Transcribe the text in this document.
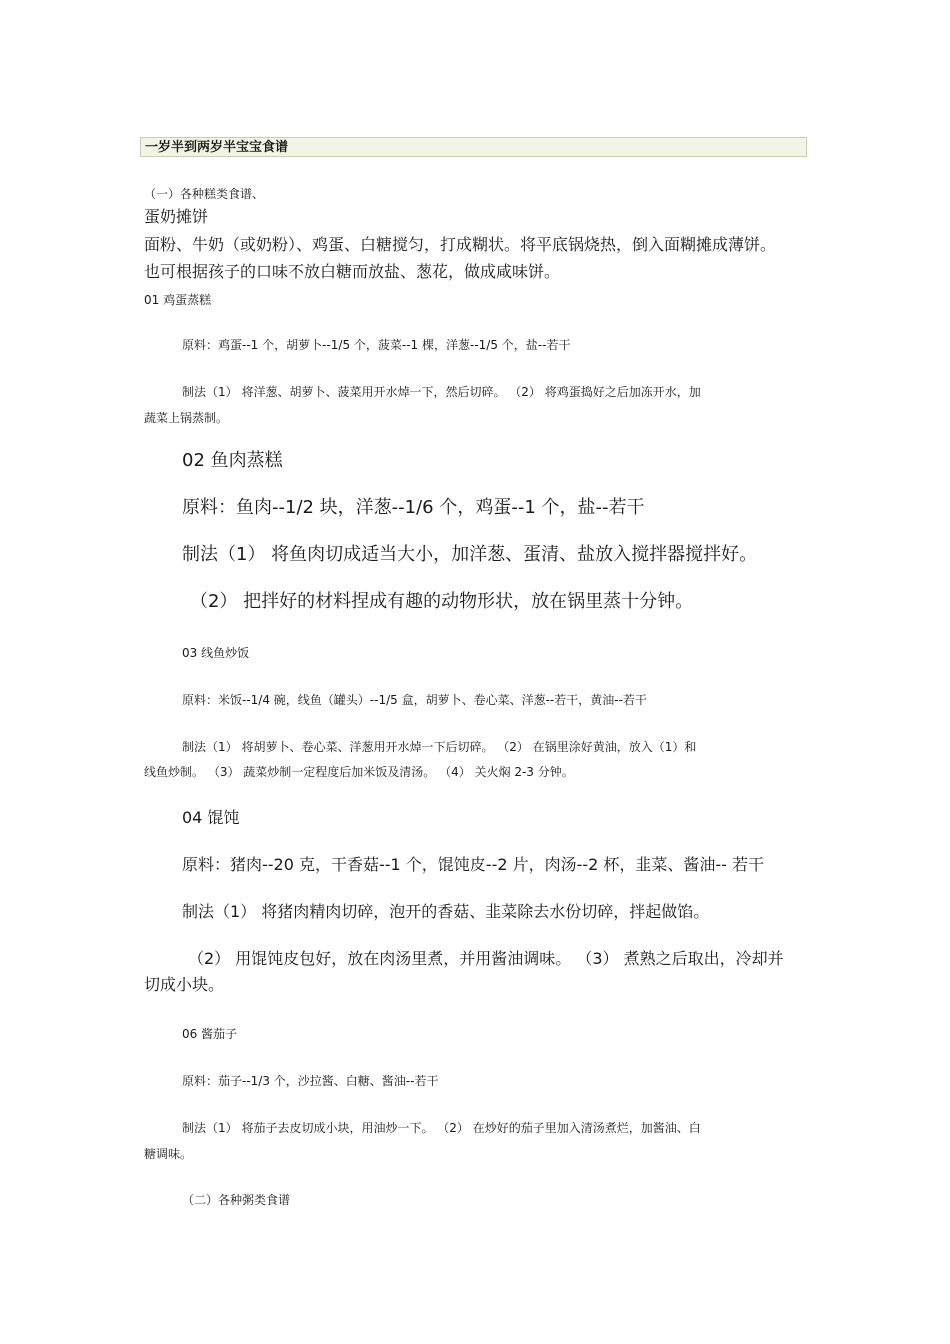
一岁半到两岁半宝宝食谱
（一）各种糕类食谱、
蛋奶摊饼
面粉、牛奶（或奶粉）、鸡蛋、白糖搅匀，打成糊状。将平底锅烧热，倒入面糊摊成薄饼。
也可根据孩子的口味不放白糖而放盐、葱花，做成咸味饼。
01 鸡蛋蒸糕
原料：鸡蛋--1 个，胡萝卜--1/5 个，菠菜--1 棵，洋葱--1/5 个，盐--若干
制法（1） 将洋葱、胡萝卜、菠菜用开水焯一下，然后切碎。 （2） 将鸡蛋捣好之后加冻开水，加
蔬菜上锅蒸制。
02 鱼肉蒸糕
原料：鱼肉--1/2 块，洋葱--1/6 个，鸡蛋--1 个，盐--若干
制法（1） 将鱼肉切成适当大小，加洋葱、蛋清、盐放入搅拌器搅拌好。
（2） 把拌好的材料捏成有趣的动物形状，放在锅里蒸十分钟。
03 线鱼炒饭
原料：米饭--1/4 碗，线鱼（罐头）--1/5 盒，胡萝卜、卷心菜、洋葱--若干，黄油--若干
制法（1） 将胡萝卜、卷心菜、洋葱用开水焯一下后切碎。 （2） 在锅里涂好黄油，放入（1）和
线鱼炒制。 （3） 蔬菜炒制一定程度后加米饭及清汤。 （4） 关火焖 2-3 分钟。
04 馄饨
原料：猪肉--20 克，干香菇--1 个，馄饨皮--2 片，肉汤--2 杯，韭菜、酱油-- 若干
制法（1） 将猪肉精肉切碎，泡开的香菇、韭菜除去水份切碎，拌起做馅。
（2） 用馄饨皮包好，放在肉汤里煮，并用酱油调味。 （3） 煮熟之后取出，冷却并
切成小块。
06 酱茄子
原料：茄子--1/3 个，沙拉酱、白糖、酱油--若干
制法（1） 将茄子去皮切成小块，用油炒一下。 （2） 在炒好的茄子里加入清汤煮烂，加酱油、白
糖调味。
（二）各种粥类食谱
